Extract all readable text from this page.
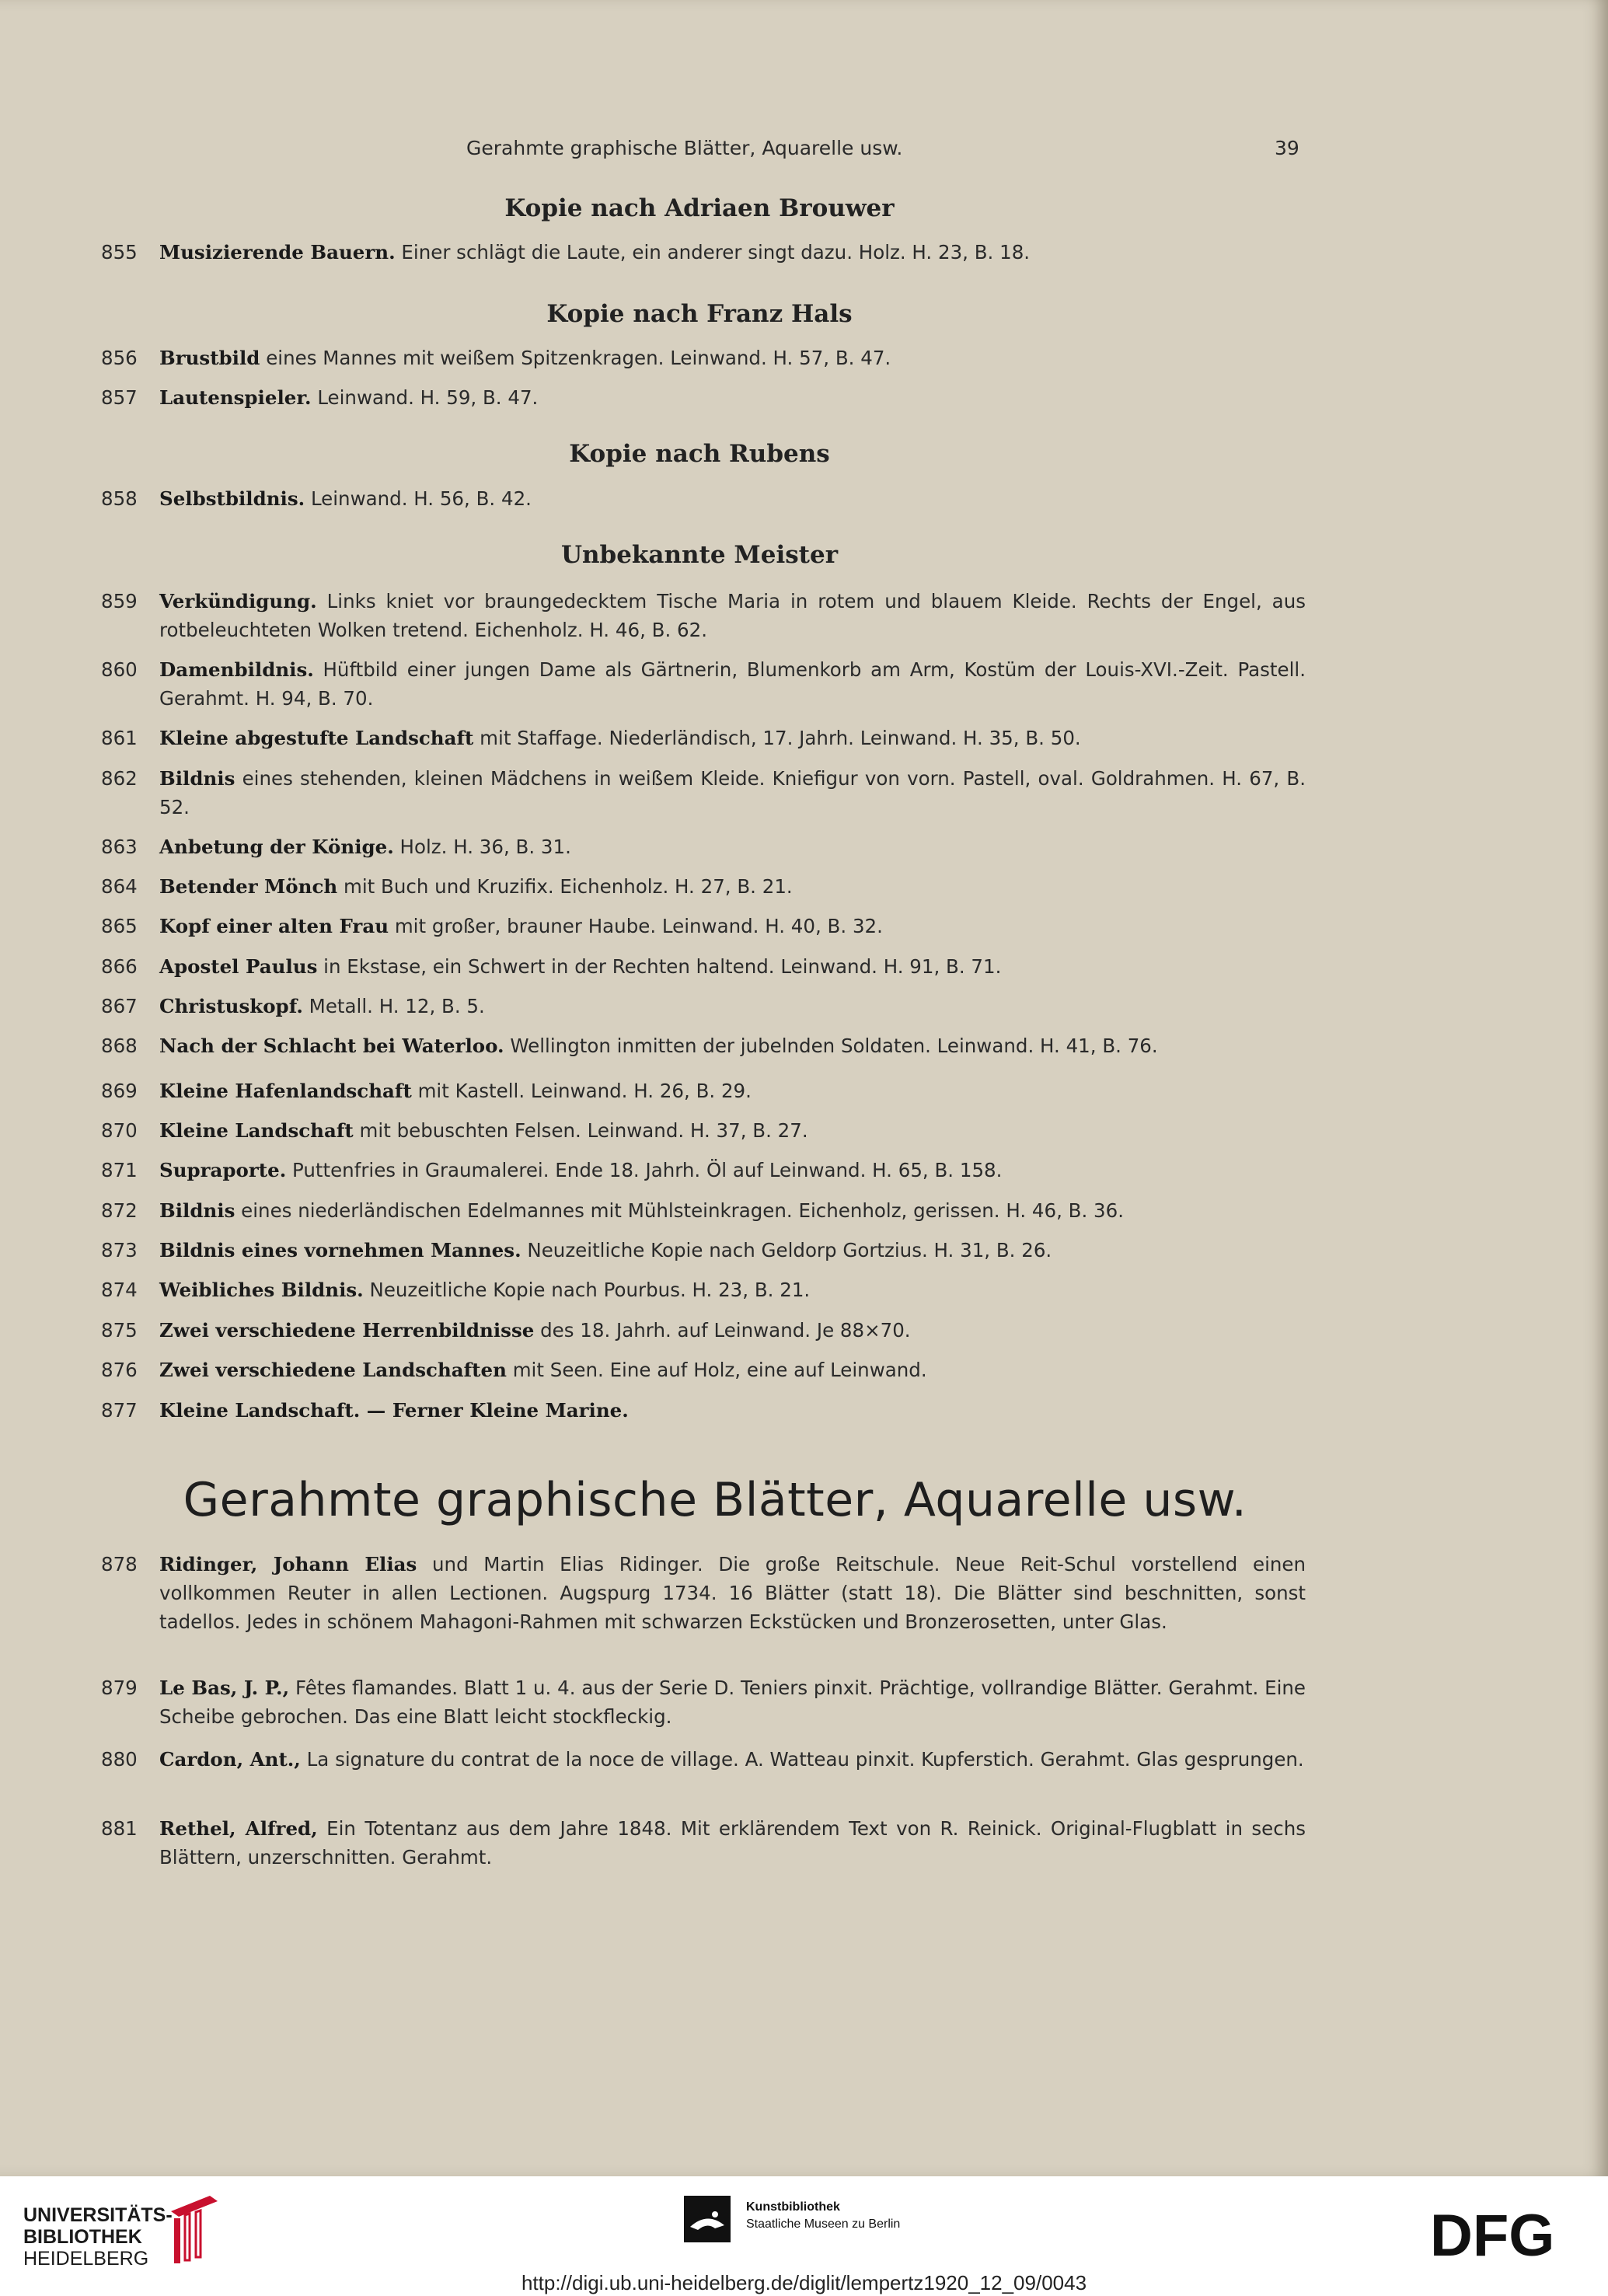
Gerahmte graphische Blätter, Aquarelle usw.	39
Kopie nach Adriaen Brouwer
855	Musizierende Bauern. Einer schlägt die Laute, ein anderer singt dazu. Holz. H. 23, B. 18.
Kopie nach Franz Hals
856	Brustbild eines Mannes mit weißem Spitzenkragen. Leinwand. H. 57, B. 47.
857	Lautenspieler. Leinwand. H. 59, B. 47.
Kopie nach Rubens
858	Selbstbildnis. Leinwand. H. 56, B. 42.
Unbekannte Meister
859	Verkündigung. Links kniet vor braungedecktem Tische Maria in rotem und blauem Kleide. Rechts der Engel, aus rotbeleuchteten Wolken tretend. Eichenholz. H. 46, B. 62.
860	Damenbildnis. Hüftbild einer jungen Dame als Gärtnerin, Blumenkorb am Arm, Kostüm der Louis-XVI.-Zeit. Pastell. Gerahmt. H. 94, B. 70.
861	Kleine abgestufte Landschaft mit Staffage. Niederländisch, 17. Jahrh. Leinwand. H. 35, B. 50.
862	Bildnis eines stehenden, kleinen Mädchens in weißem Kleide. Kniefigur von vorn. Pastell, oval. Goldrahmen. H. 67, B. 52.
863	Anbetung der Könige. Holz. H. 36, B. 31.
864	Betender Mönch mit Buch und Kruzifix. Eichenholz. H. 27, B. 21.
865	Kopf einer alten Frau mit großer, brauner Haube. Leinwand. H. 40, B. 32.
866	Apostel Paulus in Ekstase, ein Schwert in der Rechten haltend. Leinwand. H. 91, B. 71.
867	Christuskopf. Metall. H. 12, B. 5.
868	Nach der Schlacht bei Waterloo. Wellington inmitten der jubelnden Soldaten. Leinwand. H. 41, B. 76.
869	Kleine Hafenlandschaft mit Kastell. Leinwand. H. 26, B. 29.
870	Kleine Landschaft mit bebuschten Felsen. Leinwand. H. 37, B. 27.
871	Supraporte. Puttenfries in Graumalerei. Ende 18. Jahrh. Öl auf Leinwand. H. 65, B. 158.
872	Bildnis eines niederländischen Edelmannes mit Mühlsteinkragen. Eichenholz, gerissen. H. 46, B. 36.
873	Bildnis eines vornehmen Mannes. Neuzeitliche Kopie nach Geldorp Gortzius. H. 31, B. 26.
874	Weibliches Bildnis. Neuzeitliche Kopie nach Pourbus. H. 23, B. 21.
875	Zwei verschiedene Herrenbildnisse des 18. Jahrh. auf Leinwand. Je 88×70.
876	Zwei verschiedene Landschaften mit Seen. Eine auf Holz, eine auf Leinwand.
877	Kleine Landschaft. — Ferner Kleine Marine.
Gerahmte graphische Blätter, Aquarelle usw.
878	Ridinger, Johann Elias und Martin Elias Ridinger. Die große Reitschule. Neue Reit-Schul vorstellend einen vollkommen Reuter in allen Lectionen. Augspurg 1734. 16 Blätter (statt 18). Die Blätter sind beschnitten, sonst tadellos. Jedes in schönem Mahagoni-Rahmen mit schwarzen Eckstücken und Bronzerosetten, unter Glas.
879	Le Bas, J. P., Fêtes flamandes. Blatt 1 u. 4. aus der Serie D. Teniers pinxit. Prächtige, vollrandige Blätter. Gerahmt. Eine Scheibe gebrochen. Das eine Blatt leicht stockfleckig.
880	Cardon, Ant., La signature du contrat de la noce de village. A. Watteau pinxit. Kupferstich. Gerahmt. Glas gesprungen.
881	Rethel, Alfred, Ein Totentanz aus dem Jahre 1848. Mit erklärendem Text von R. Reinick. Original-Flugblatt in sechs Blättern, unzerschnitten. Gerahmt.
UNIVERSITÄTS-
BIBLIOTHEK
HEIDELBERG
Kunstbibliothek
Staatliche Museen zu Berlin	DFG
http://digi.ub.uni-heidelberg.de/diglit/lempertz1920_12_09/0043
